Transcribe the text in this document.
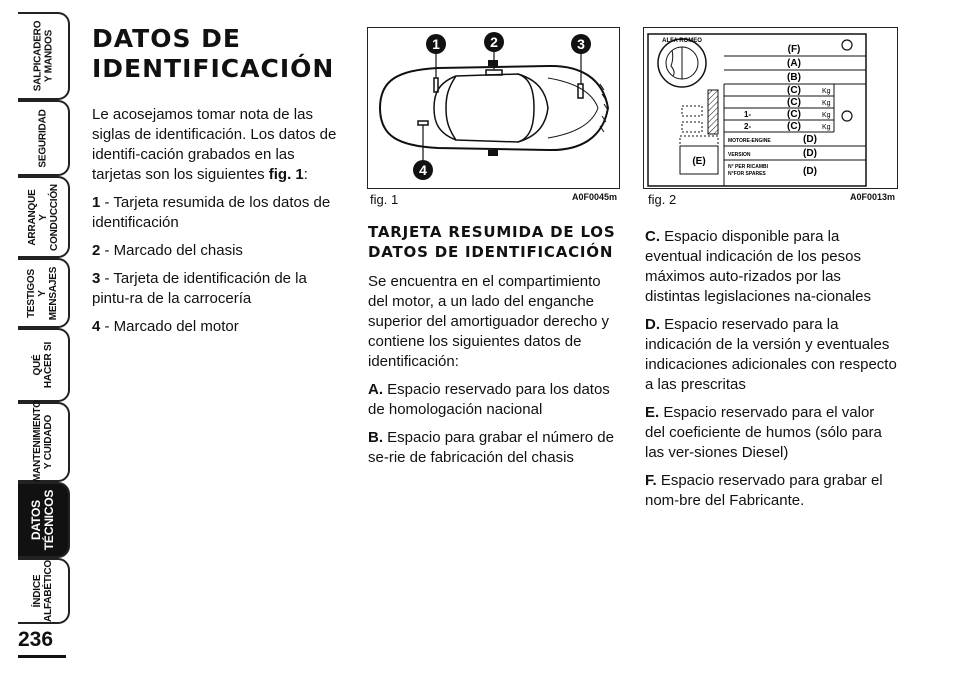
SALPICADERO
Y MANDOS
SEGURIDAD
ARRANQUE
Y CONDUCCIÓN
TESTIGOS
Y MENSAJES
QUÉ
HACER SI
MANTENIMIENTO
Y CUIDADO
DATOS
TÉCNICOS
ÍNDICE
ALFABÉTICO
236
DATOS DE
IDENTIFICACIÓN

Le acosejamos tomar nota de las siglas de identificación. Los datos de identifi-cación grabados en las tarjetas son los siguientes fig. 1:

1 - Tarjeta resumida de los datos de identificación

2 - Marcado del chasis

3 - Tarjeta de identificación de la pintu-ra de la carrocería

4 - Marcado del motor

1	2	3
4
fig. 1	A0F0045m
ALFA ROMEO
(E)
(F)
(A)
(B)
(C)
(C)
(C)
(C)
Kg
Kg
Kg
Kg
1-
2-
MOTORE-ENGINE
VERSION
N° PER RICAMBI
N°FOR SPARES
(D)
(D)
(D)
fig. 2	A0F0013m
TARJETA RESUMIDA DE LOS
DATOS DE IDENTIFICACIÓN

Se encuentra en el compartimiento del motor, a un lado del enganche superior del amortiguador derecho y contiene los siguientes datos de identificación:

A. Espacio reservado para los datos de homologación nacional

B. Espacio para grabar el número de se-rie de fabricación del chasis

C. Espacio disponible para la eventual indicación de los pesos máximos auto-rizados por las distintas legislaciones na-cionales

D. Espacio reservado para la indicación de la versión y eventuales indicaciones adicionales con respecto a las prescritas

E. Espacio reservado para el valor del coeficiente de humos (sólo para las ver-siones Diesel)

F. Espacio reservado para grabar el nom-bre del Fabricante.
